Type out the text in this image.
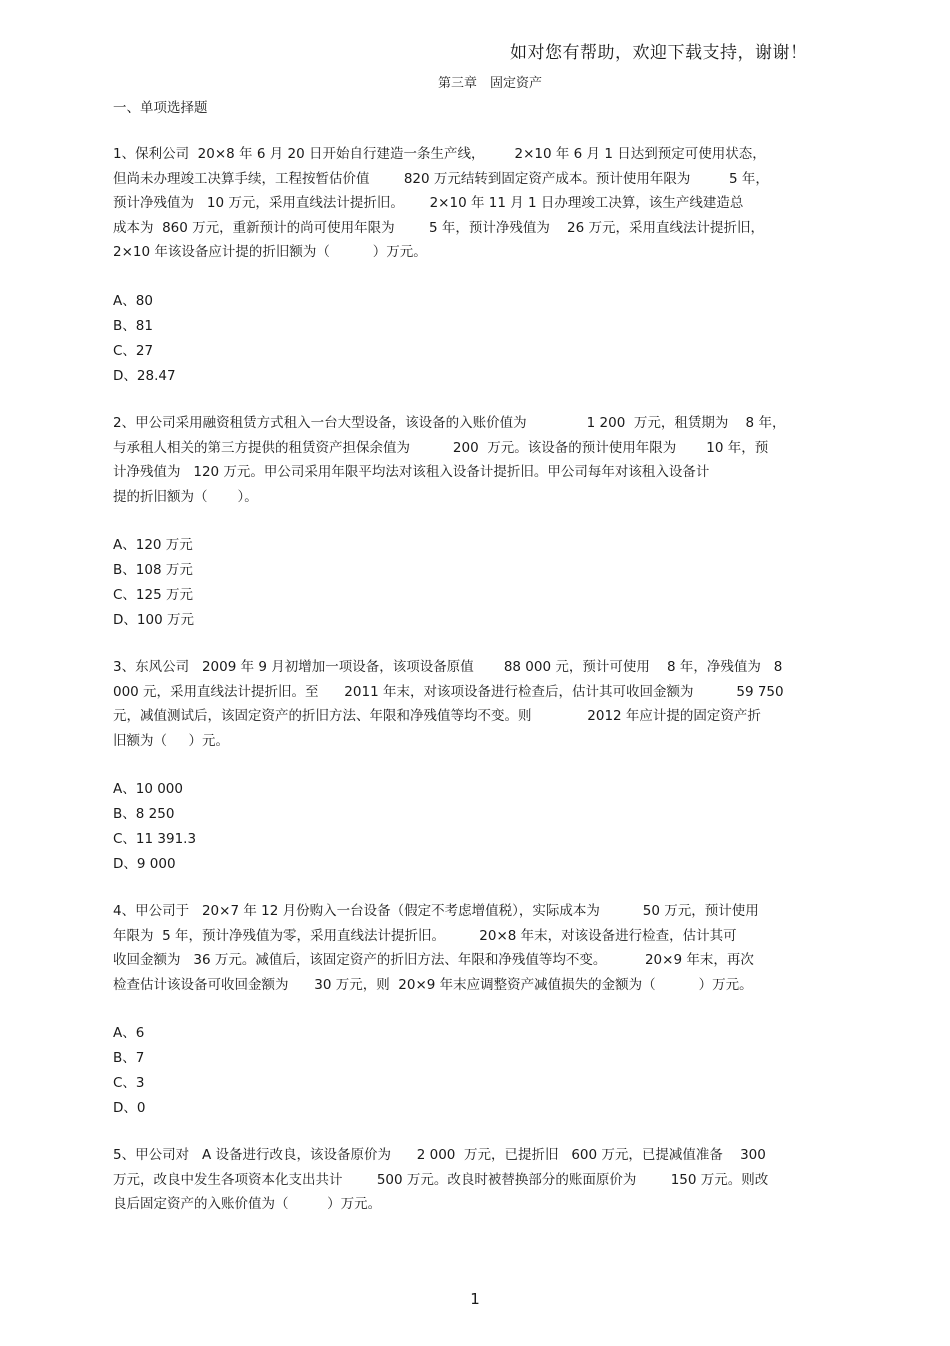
如对您有帮助，欢迎下载支持，谢谢！
第三章　固定资产
一、单项选择题
1、保利公司  20×8 年 6 月 20 日开始自行建造一条生产线，       2×10 年 6 月 1 日达到预定可使用状态，
但尚未办理竣工决算手续，工程按暂估价值        820 万元结转到固定资产成本。预计使用年限为         5 年，
预计净残值为   10 万元，采用直线法计提折旧。      2×10 年 11 月 1 日办理竣工决算，该生产线建造总
成本为  860 万元，重新预计的尚可使用年限为        5 年，预计净残值为    26 万元，采用直线法计提折旧，
2×10 年该设备应计提的折旧额为（          ）万元。
A、80
B、81
C、27
D、28.47
2、甲公司采用融资租赁方式租入一台大型设备，该设备的入账价值为              1 200  万元，租赁期为    8 年，
与承租人相关的第三方提供的租赁资产担保余值为          200  万元。该设备的预计使用年限为       10 年，预
计净残值为   120 万元。甲公司采用年限平均法对该租入设备计提折旧。甲公司每年对该租入设备计
提的折旧额为（       ）。
A、120 万元
B、108 万元
C、125 万元
D、100 万元
3、东风公司   2009 年 9 月初增加一项设备，该项设备原值       88 000 元，预计可使用    8 年，净残值为   8
000 元，采用直线法计提折旧。至      2011 年末，对该项设备进行检查后，估计其可收回金额为          59 750
元，减值测试后，该固定资产的折旧方法、年限和净残值等均不变。则             2012 年应计提的固定资产折
旧额为（     ）元。
A、10 000
B、8 250
C、11 391.3
D、9 000
4、甲公司于   20×7 年 12 月份购入一台设备（假定不考虑增值税），实际成本为          50 万元，预计使用
年限为  5 年，预计净残值为零，采用直线法计提折旧。        20×8 年末，对该设备进行检查，估计其可
收回金额为   36 万元。减值后，该固定资产的折旧方法、年限和净残值等均不变。         20×9 年末，再次
检查估计该设备可收回金额为      30 万元，则  20×9 年末应调整资产减值损失的金额为（          ）万元。
A、6
B、7
C、3
D、0
5、甲公司对   A 设备进行改良，该设备原价为      2 000  万元，已提折旧   600 万元，已提减值准备    300
万元，改良中发生各项资本化支出共计        500 万元。改良时被替换部分的账面原价为        150 万元。则改
良后固定资产的入账价值为（         ）万元。
1
